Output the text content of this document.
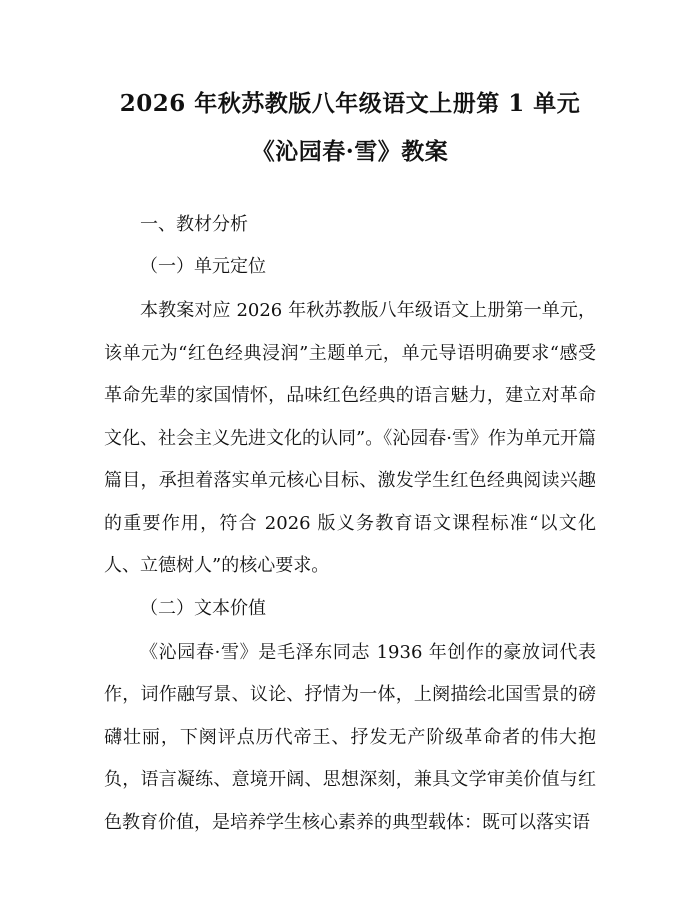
2026 年秋苏教版八年级语文上册第 1 单元
《沁园春·雪》教案

一、教材分析

（一）单元定位

本教案对应 2026 年秋苏教版八年级语文上册第一单元，该单元为“红色经典浸润”主题单元，单元导语明确要求“感受革命先辈的家国情怀，品味红色经典的语言魅力，建立对革命文化、社会主义先进文化的认同”。《沁园春·雪》作为单元开篇篇目，承担着落实单元核心目标、激发学生红色经典阅读兴趣的重要作用，符合 2026 版义务教育语文课程标准“以文化人、立德树人”的核心要求。

（二）文本价值

《沁园春·雪》是毛泽东同志 1936 年创作的豪放词代表作，词作融写景、议论、抒情为一体，上阕描绘北国雪景的磅礴壮丽，下阕评点历代帝王、抒发无产阶级革命者的伟大抱负，语言凝练、意境开阔、思想深刻，兼具文学审美价值与红色教育价值，是培养学生核心素养的典型载体：既可以落实语
